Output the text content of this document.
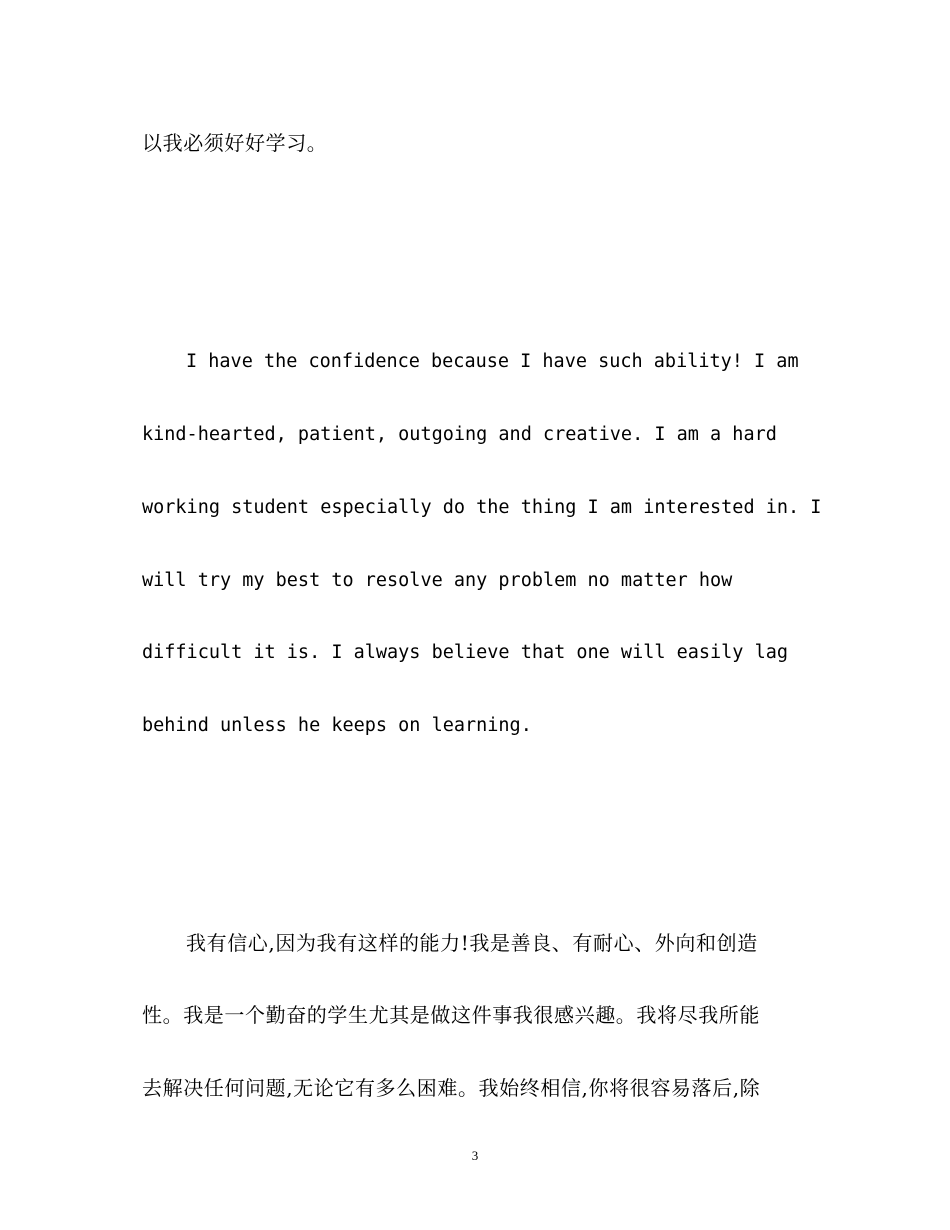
以我必须好好学习。

I have the confidence because I have such ability! I am

kind-hearted, patient, outgoing and creative. I am a hard

working student especially do the thing I am interested in. I

will try my best to resolve any problem no matter how

difficult it is. I always believe that one will easily lag

behind unless he keeps on learning.

我有信心,因为我有这样的能力!我是善良、有耐心、外向和创造

性。我是一个勤奋的学生尤其是做这件事我很感兴趣。我将尽我所能

去解决任何问题,无论它有多么困难。我始终相信,你将很容易落后,除

3
